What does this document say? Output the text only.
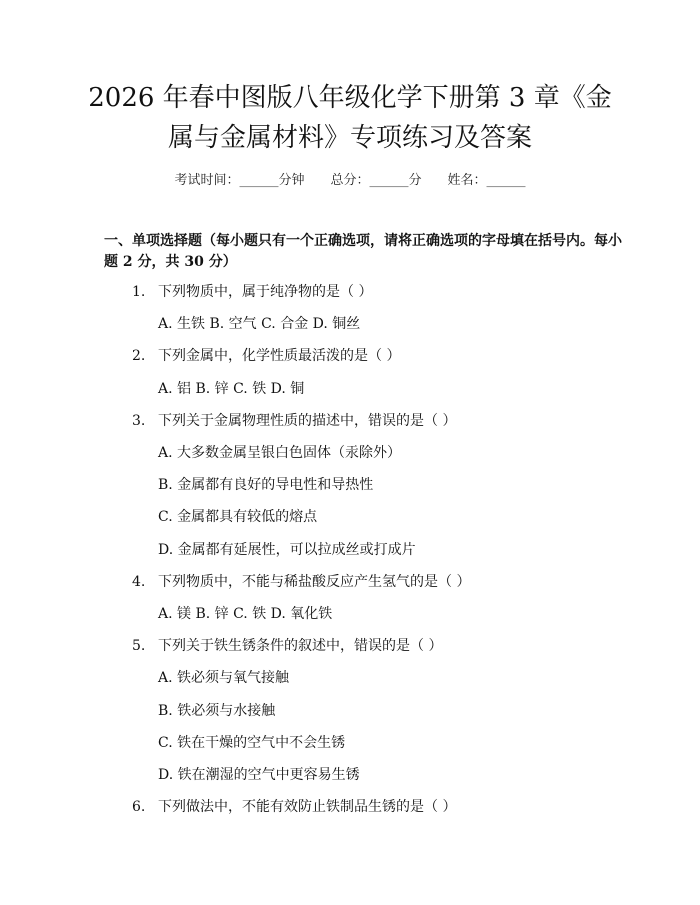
2026 年春中图版八年级化学下册第 3 章《金
属与金属材料》专项练习及答案
考试时间：______分钟 总分：______分 姓名：______
一、单项选择题（每小题只有一个正确选项，请将正确选项的字母填在括号内。每小题 2 分，共 30 分）
1. 下列物质中，属于纯净物的是（ ）
A. 生铁 B. 空气 C. 合金 D. 铜丝
2. 下列金属中，化学性质最活泼的是（ ）
A. 铝 B. 锌 C. 铁 D. 铜
3. 下列关于金属物理性质的描述中，错误的是（ ）
A. 大多数金属呈银白色固体（汞除外）
B. 金属都有良好的导电性和导热性
C. 金属都具有较低的熔点
D. 金属都有延展性，可以拉成丝或打成片
4. 下列物质中，不能与稀盐酸反应产生氢气的是（ ）
A. 镁 B. 锌 C. 铁 D. 氧化铁
5. 下列关于铁生锈条件的叙述中，错误的是（ ）
A. 铁必须与氧气接触
B. 铁必须与水接触
C. 铁在干燥的空气中不会生锈
D. 铁在潮湿的空气中更容易生锈
6. 下列做法中，不能有效防止铁制品生锈的是（ ）
